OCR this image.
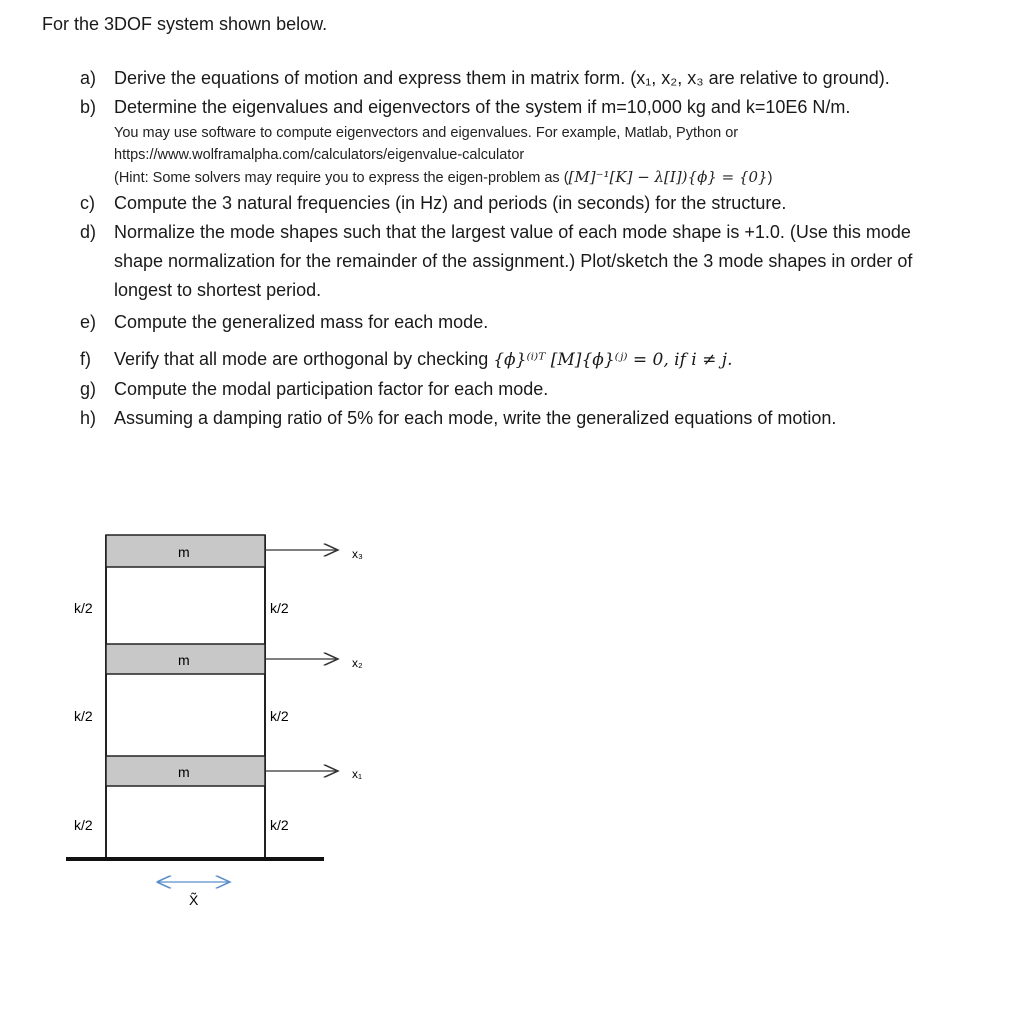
For the 3DOF system shown below.
a) Derive the equations of motion and express them in matrix form. (x₁, x₂, x₃ are relative to ground).
b) Determine the eigenvalues and eigenvectors of the system if m=10,000 kg and k=10E6 N/m.
You may use software to compute eigenvectors and eigenvalues. For example, Matlab, Python or
https://www.wolframalpha.com/calculators/eigenvalue-calculator
(Hint: Some solvers may require you to express the eigen-problem as ([M]⁻¹[K] − λ[I]){ϕ} = {0})
c) Compute the 3 natural frequencies (in Hz) and periods (in seconds) for the structure.
d) Normalize the mode shapes such that the largest value of each mode shape is +1.0. (Use this mode shape normalization for the remainder of the assignment.) Plot/sketch the 3 mode shapes in order of longest to shortest period.
e) Compute the generalized mass for each mode.
f) Verify that all mode are orthogonal by checking {ϕ}⁽ⁱ⁾ᵀ [M]{ϕ}⁽ʲ⁾ = 0, if i ≠ j.
g) Compute the modal participation factor for each mode.
h) Assuming a damping ratio of 5% for each mode, write the generalized equations of motion.
m
m
m
k/2	k/2
k/2	k/2
k/2	k/2
x₃
x₂
x₁
X̃
